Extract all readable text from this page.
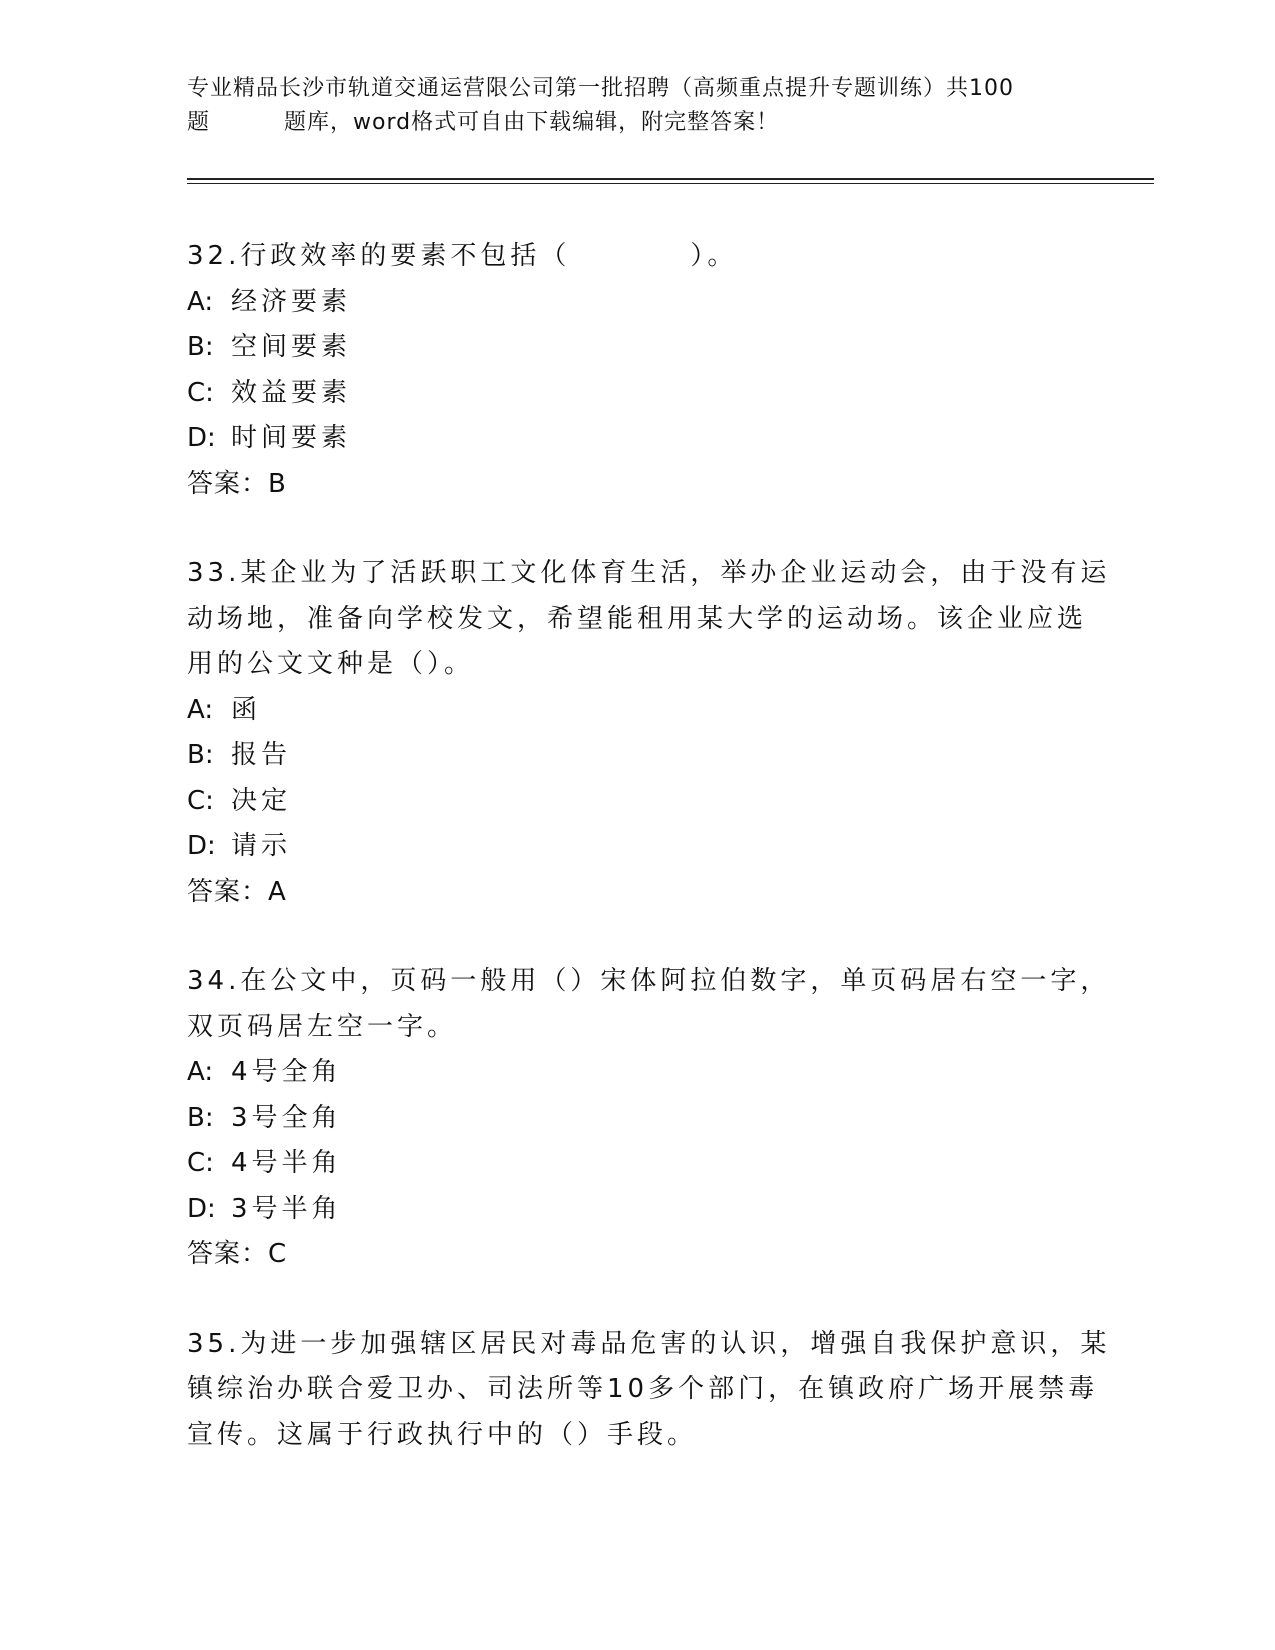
专业精品长沙市轨道交通运营限公司第一批招聘（高频重点提升专题训练）共100
题	题库，word格式可自由下载编辑，附完整答案！
32.行政效率的要素不包括（　　　　）。
A: 经济要素
B: 空间要素
C: 效益要素
D: 时间要素
答案：B
33.某企业为了活跃职工文化体育生活，举办企业运动会，由于没有运
动场地，准备向学校发文，希望能租用某大学的运动场。该企业应选
用的公文文种是（）。
A: 函
B: 报告
C: 决定
D: 请示
答案：A
34.在公文中，页码一般用（）宋体阿拉伯数字，单页码居右空一字，
双页码居左空一字。
A: 4号全角
B: 3号全角
C: 4号半角
D: 3号半角
答案：C
35.为进一步加强辖区居民对毒品危害的认识，增强自我保护意识，某
镇综治办联合爱卫办、司法所等10多个部门，在镇政府广场开展禁毒
宣传。这属于行政执行中的（）手段。
